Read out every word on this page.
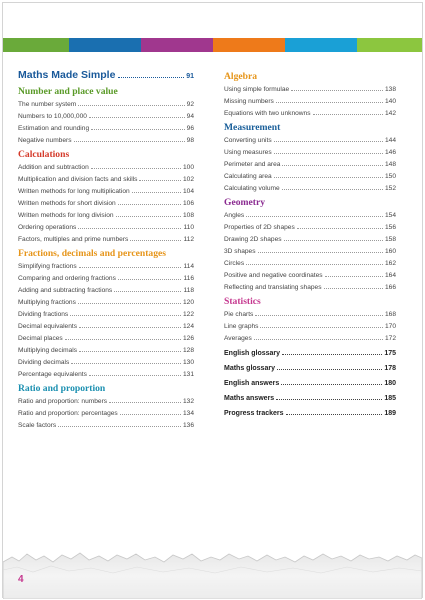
Maths Made Simple	91
Number and place value
The number system	92
Numbers to 10,000,000	94
Estimation and rounding	96
Negative numbers	98
Calculations
Addition and subtraction	100
Multiplication and division facts and skills	102
Written methods for long multiplication	104
Written methods for short division	106
Written methods for long division	108
Ordering operations	110
Factors, multiples and prime numbers	112
Fractions, decimals and percentages
Simplifying fractions	114
Comparing and ordering fractions	116
Adding and subtracting fractions	118
Multiplying fractions	120
Dividing fractions	122
Decimal equivalents	124
Decimal places	126
Multiplying decimals	128
Dividing decimals	130
Percentage equivalents	131
Ratio and proportion
Ratio and proportion: numbers	132
Ratio and proportion: percentages	134
Scale factors	136
Algebra
Using simple formulae	138
Missing numbers	140
Equations with two unknowns	142
Measurement
Converting units	144
Using measures	146
Perimeter and area	148
Calculating area	150
Calculating volume	152
Geometry
Angles	154
Properties of 2D shapes	156
Drawing 2D shapes	158
3D shapes	160
Circles	162
Positive and negative coordinates	164
Reflecting and translating shapes	166
Statistics
Pie charts	168
Line graphs	170
Averages	172
English glossary	175
Maths glossary	178
English answers	180
Maths answers	185
Progress trackers	189
4
